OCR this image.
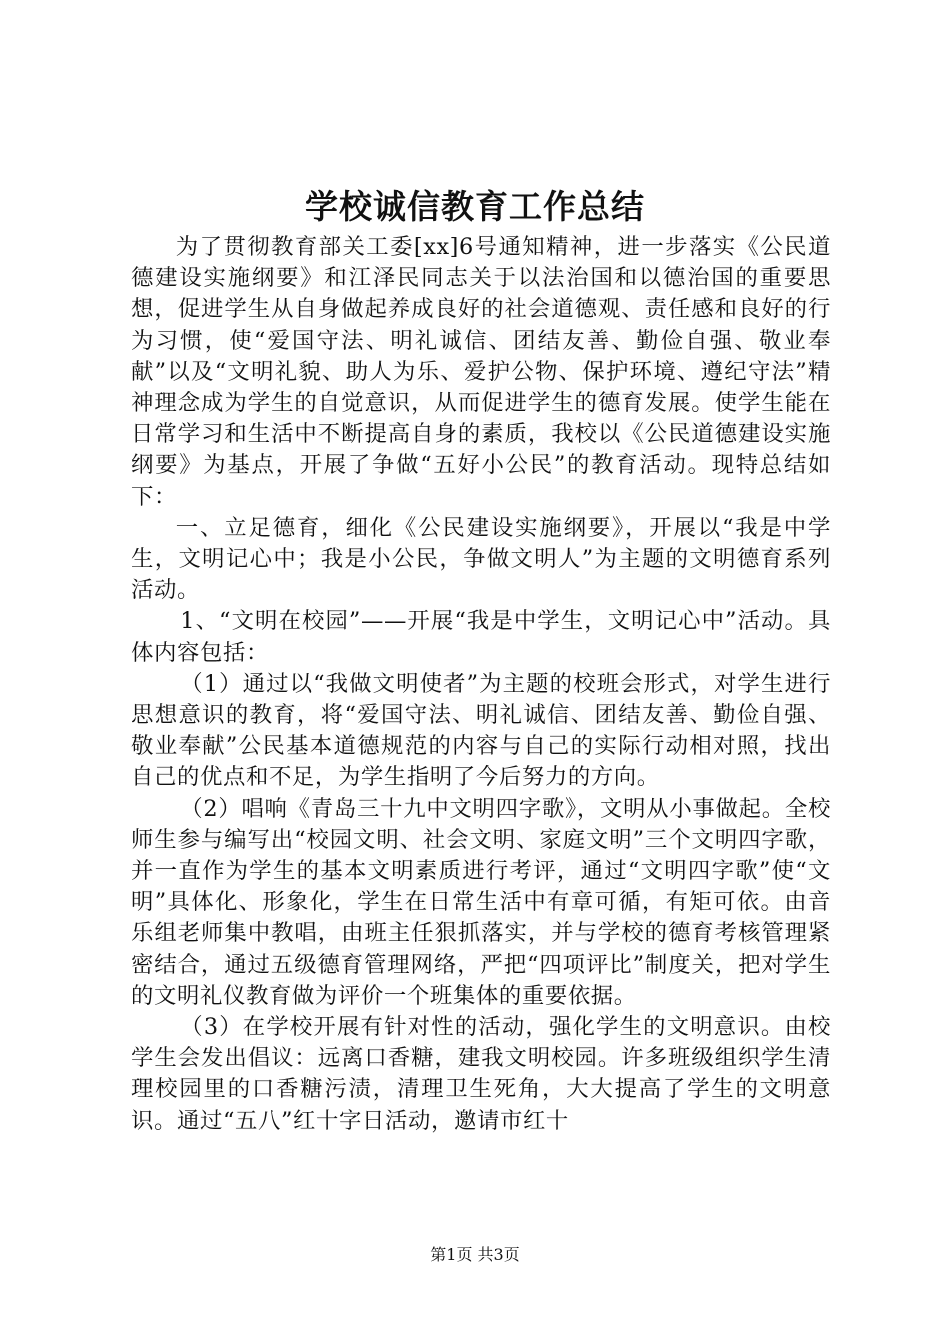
学校诚信教育工作总结

为了贯彻教育部关工委[xx]6号通知精神，进一步落实《公民道德建设实施纲要》和江泽民同志关于以法治国和以德治国的重要思想，促进学生从自身做起养成良好的社会道德观、责任感和良好的行为习惯，使“爱国守法、明礼诚信、团结友善、勤俭自强、敬业奉献”以及“文明礼貌、助人为乐、爱护公物、保护环境、遵纪守法”精神理念成为学生的自觉意识，从而促进学生的德育发展。使学生能在日常学习和生活中不断提高自身的素质，我校以《公民道德建设实施纲要》为基点，开展了争做“五好小公民”的教育活动。现特总结如下：

一、立足德育，细化《公民建设实施纲要》，开展以“我是中学生，文明记心中；我是小公民，争做文明人”为主题的文明德育系列活动。

1、“文明在校园”——开展“我是中学生，文明记心中”活动。具体内容包括：

（1）通过以“我做文明使者”为主题的校班会形式，对学生进行思想意识的教育，将“爱国守法、明礼诚信、团结友善、勤俭自强、敬业奉献”公民基本道德规范的内容与自己的实际行动相对照，找出自己的优点和不足，为学生指明了今后努力的方向。

（2）唱响《青岛三十九中文明四字歌》，文明从小事做起。全校师生参与编写出“校园文明、社会文明、家庭文明”三个文明四字歌，并一直作为学生的基本文明素质进行考评，通过“文明四字歌”使“文明”具体化、形象化，学生在日常生活中有章可循，有矩可依。由音乐组老师集中教唱，由班主任狠抓落实，并与学校的德育考核管理紧密结合，通过五级德育管理网络，严把“四项评比”制度关，把对学生的文明礼仪教育做为评价一个班集体的重要依据。

（3）在学校开展有针对性的活动，强化学生的文明意识。由校学生会发出倡议：远离口香糖，建我文明校园。许多班级组织学生清理校园里的口香糖污渍，清理卫生死角，大大提高了学生的文明意识。通过“五八”红十字日活动，邀请市红十

第1页 共3页
